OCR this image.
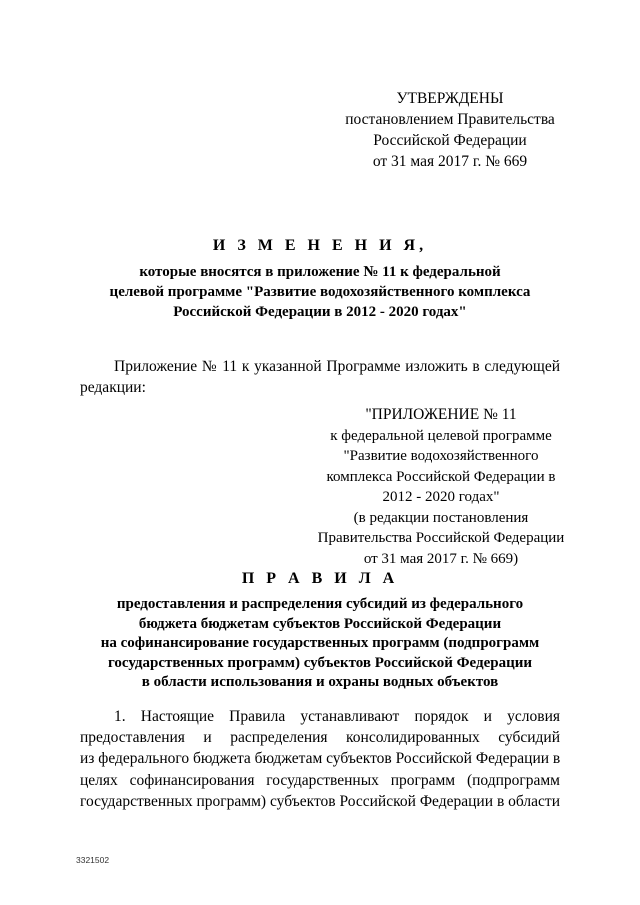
УТВЕРЖДЕНЫ
постановлением Правительства
Российской Федерации
от 31 мая 2017 г. № 669
И З М Е Н Е Н И Я,
которые вносятся в приложение № 11 к федеральной
целевой программе "Развитие водохозяйственного комплекса
Российской Федерации в 2012 - 2020 годах"
Приложение № 11 к указанной Программе изложить в следующей
редакции:
"ПРИЛОЖЕНИЕ № 11
к федеральной целевой программе
"Развитие водохозяйственного
комплекса Российской Федерации в
2012 - 2020 годах"
(в редакции постановления
Правительства Российской Федерации
от 31 мая 2017 г. № 669)
П Р А В И Л А
предоставления и распределения субсидий из федерального
бюджета бюджетам субъектов Российской Федерации
на софинансирование государственных программ (подпрограмм
государственных программ) субъектов Российской Федерации
в области использования и охраны водных объектов
1. Настоящие Правила устанавливают порядок и условия
предоставления и распределения консолидированных субсидий
из федерального бюджета бюджетам субъектов Российской Федерации в
целях софинансирования государственных программ (подпрограмм
государственных программ) субъектов Российской Федерации в области
3321502
